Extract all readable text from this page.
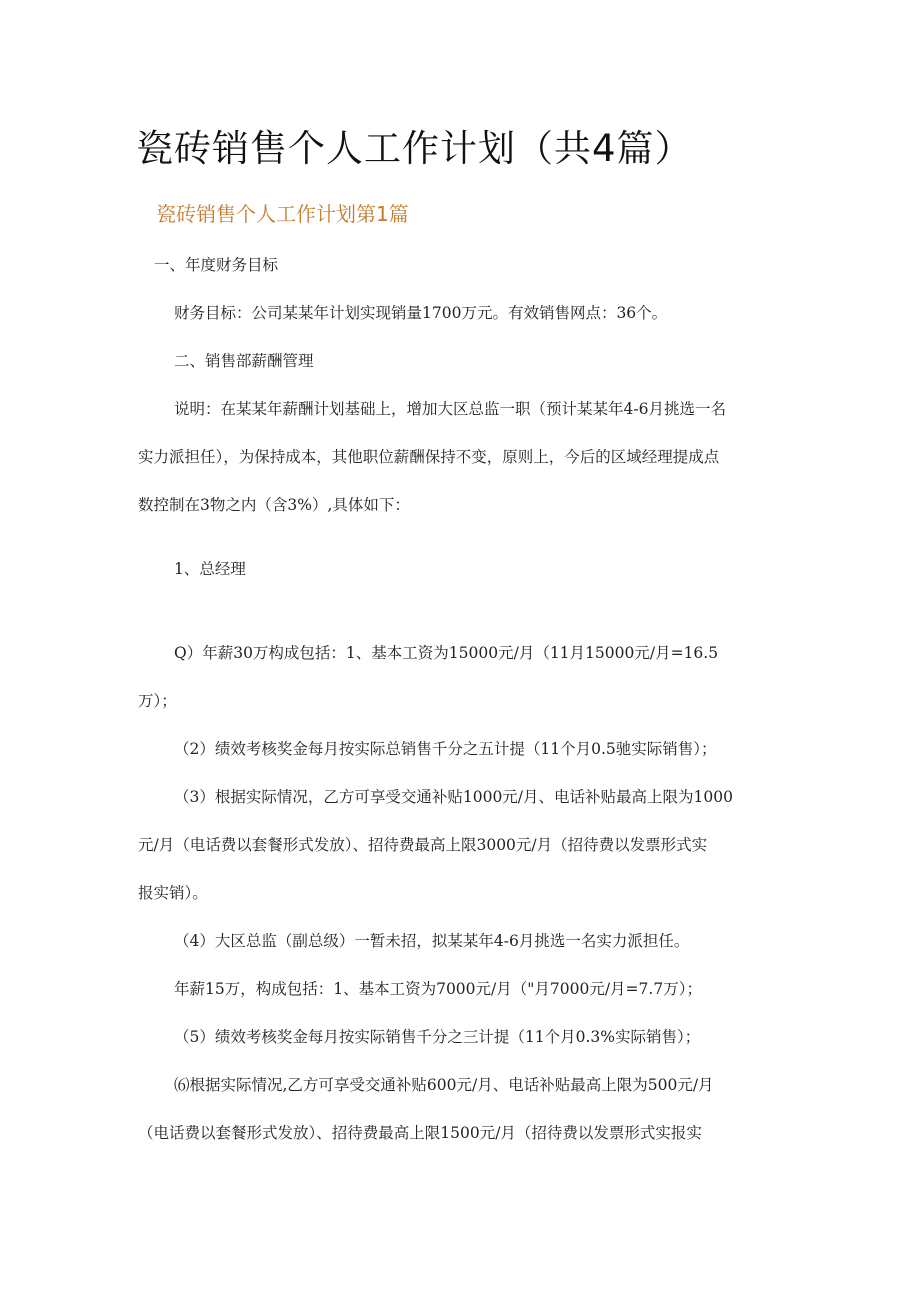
瓷砖销售个人工作计划（共4篇）
瓷砖销售个人工作计划第1篇
一、年度财务目标
财务目标：公司某某年计划实现销量1700万元。有效销售网点：36个。
二、销售部薪酬管理
说明：在某某年薪酬计划基础上，增加大区总监一职（预计某某年4-6月挑选一名
实力派担任），为保持成本，其他职位薪酬保持不变，原则上，今后的区域经理提成点
数控制在3物之内（含3%）,具体如下：
1、总经理
Q）年薪30万构成包括：1、基本工资为15000元/月（11月15000元/月=16.5
万）；
（2）绩效考核奖金每月按实际总销售千分之五计提（11个月0.5驰实际销售）；
（3）根据实际情况，乙方可享受交通补贴1000元/月、电话补贴最高上限为1000
元/月（电话费以套餐形式发放）、招待费最高上限3000元/月（招待费以发票形式实
报实销）。
（4）大区总监（副总级）一暂未招，拟某某年4-6月挑选一名实力派担任。
年薪15万，构成包括：1、基本工资为7000元/月（"月7000元/月=7.7万）；
（5）绩效考核奖金每月按实际销售千分之三计提（11个月0.3%实际销售）；
⑹根据实际情况,乙方可享受交通补贴600元/月、电话补贴最高上限为500元/月
（电话费以套餐形式发放）、招待费最高上限1500元/月（招待费以发票形式实报实
